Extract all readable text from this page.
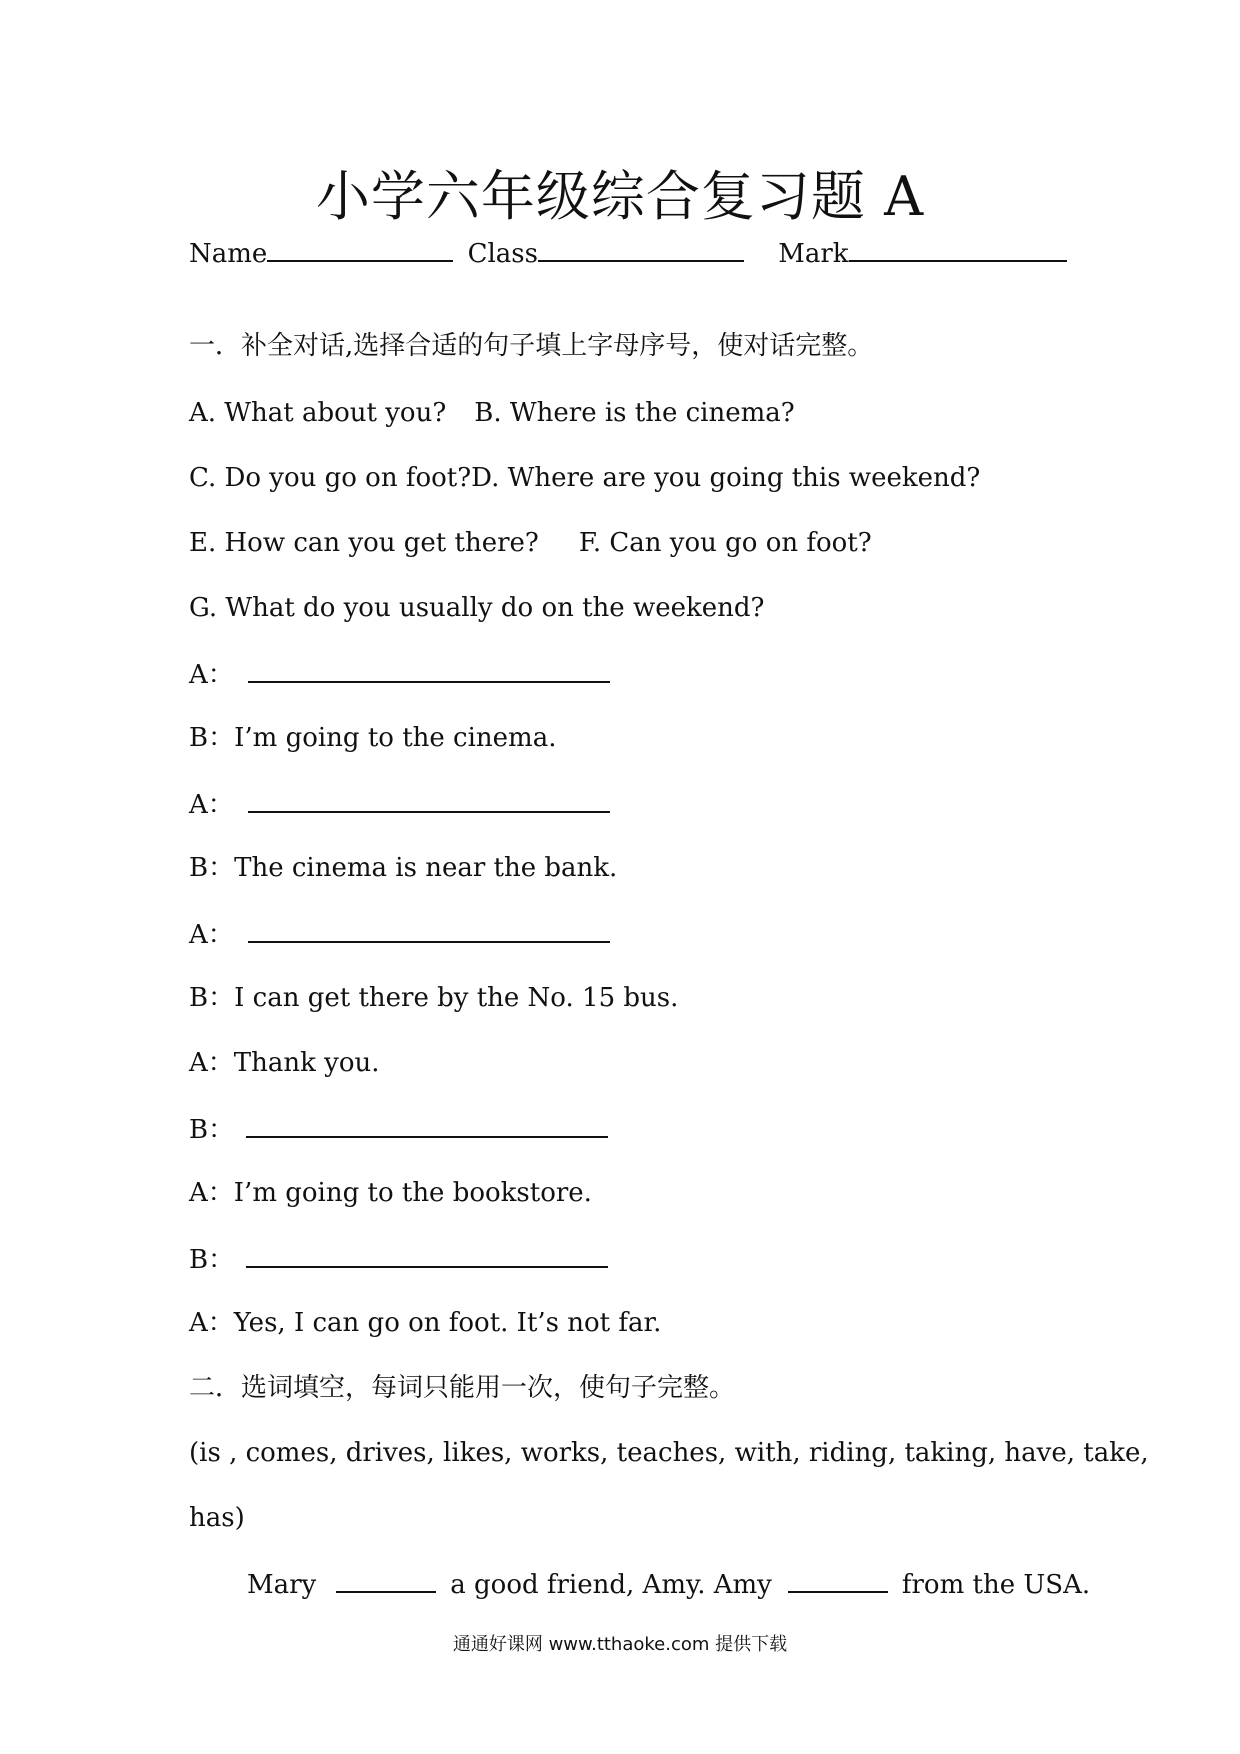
小学六年级综合复习题 A
Name	Class	Mark
一．补全对话,选择合适的句子填上字母序号，使对话完整。
A. What about you? B. Where is the cinema?
C. Do you go on foot?D. Where are you going this weekend?
E. How can you get there? F. Can you go on foot?
G. What do you usually do on the weekend?
A：
B：I’m going to the cinema.
A：
B：The cinema is near the bank.
A：
B：I can get there by the No. 15 bus.
A：Thank you.
B：
A：I’m going to the bookstore.
B：
A：Yes, I can go on foot. It’s not far.
二．选词填空，每词只能用一次，使句子完整。
(is , comes, drives, likes, works, teaches, with, riding, taking, have, take,
has)
Mary	a good friend, Amy. Amy	from the USA.
通通好课网 www.tthaoke.com 提供下载
